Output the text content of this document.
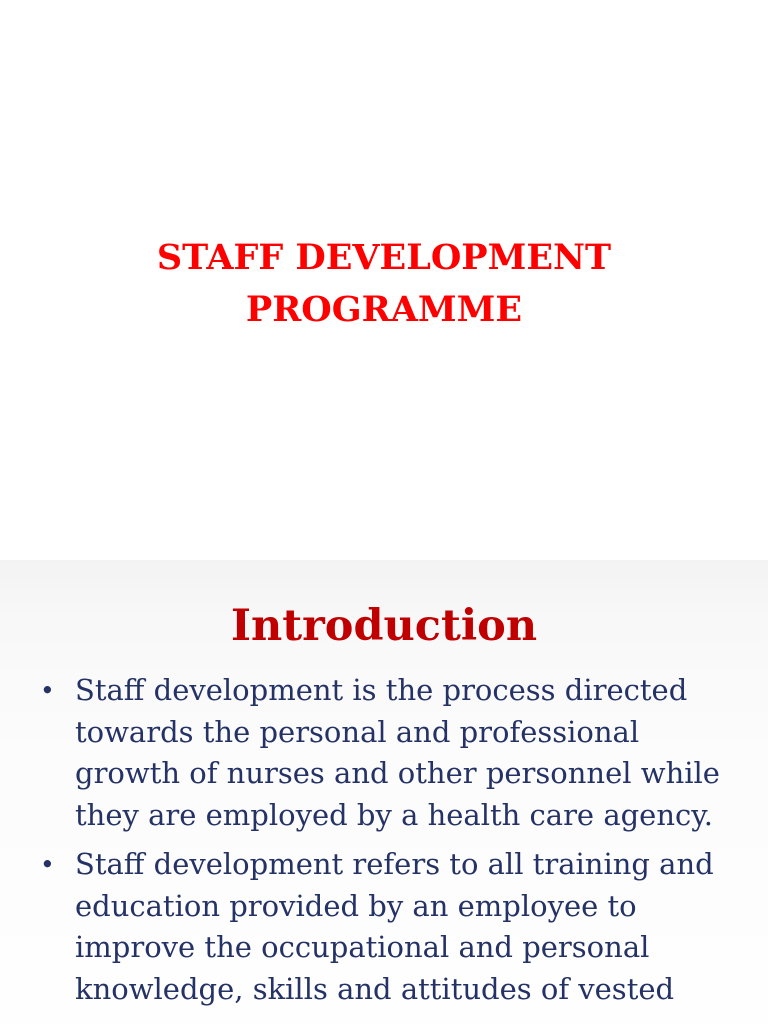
STAFF DEVELOPMENT
PROGRAMME
Introduction
• Staff development is the process directed towards the personal and professional growth of nurses and other personnel while they are employed by a health care agency.
• Staff development refers to all training and education provided by an employee to improve the occupational and personal knowledge, skills and attitudes of vested
